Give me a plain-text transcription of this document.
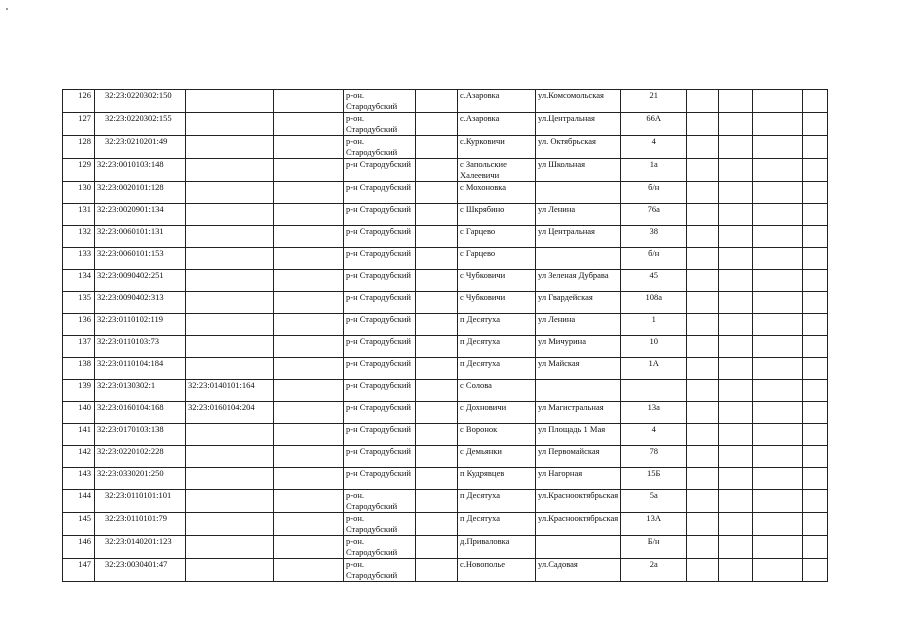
126	32:23:0220302:150			р-он. Стародубский		с.Азаровка	ул.Комсомольская	21				
127	32:23:0220302:155			р-он. Стародубский		с.Азаровка	ул.Центральная	66А				
128	32:23:0210201:49			р-он. Стародубский		с.Курковичи	ул. Октябрьская	4				
129	32:23:0010103:148			р-н Стародубский		с Запольские Халеевичи	ул Школьная	1а				
130	32:23:0020101:128			р-н Стародубский		с Мохоновка		б/н				
131	32:23:0020901:134			р-н Стародубский		с Шкрябино	ул Ленина	76а				
132	32:23:0060101:131			р-н Стародубский		с Гарцево	ул Центральная	38				
133	32:23:0060101:153			р-н Стародубский		с Гарцево		б/н				
134	32:23:0090402:251			р-н Стародубский		с Чубковичи	ул Зеленая Дубрава	45				
135	32:23:0090402:313			р-н Стародубский		с Чубковичи	ул Гвардейская	108а				
136	32:23:0110102:119			р-н Стародубский		п Десятуха	ул Ленина	1				
137	32:23:0110103:73			р-н Стародубский		п Десятуха	ул Мичурина	10				
138	32:23:0110104:184			р-н Стародубский		п Десятуха	ул Майская	1А				
139	32:23:0130302:1	32:23:0140101:164		р-н Стародубский		с Солова						
140	32:23:0160104:168	32:23:0160104:204		р-н Стародубский		с Дохновичи	ул Магистральная	13а				
141	32:23:0170103:138			р-н Стародубский		с Воронок	ул Площадь 1 Мая	4				
142	32:23:0220102:228			р-н Стародубский		с Демьянки	ул Первомайская	78				
143	32:23:0330201:250			р-н Стародубский		п Кудрявцев	ул Нагорная	15Б				
144	32:23:0110101:101			р-он. Стародубский		п Десятуха	ул.Краснооктябрьская	5а				
145	32:23:0110101:79			р-он. Стародубский		п Десятуха	ул.Краснооктябрьская	13А				
146	32:23:0140201:123			р-он. Стародубский		д.Приваловка		Б/н				
147	32:23:0030401:47			р-он. Стародубский		с.Новополье	ул.Садовая	2а				
